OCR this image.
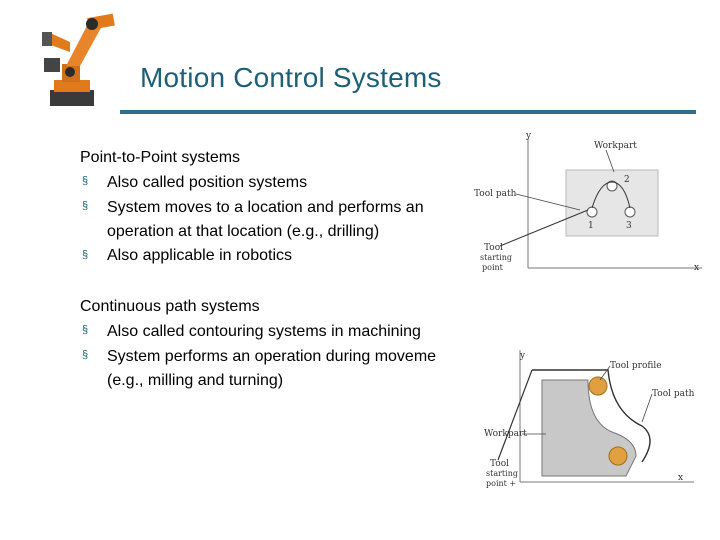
Motion Control Systems
Point-to-Point systems
§ Also called position systems
§ System moves to a location and performs an
operation at that location (e.g., drilling)
§ Also applicable in robotics
Continuous path systems
§ Also called contouring systems in machining
§ System performs an operation during moveme
(e.g., milling and turning)
y
x
Workpart
1
2
3
Tool path
Tool
starting
point
y
x
Tool profile
Tool path
Workpart
Tool
starting
point +
